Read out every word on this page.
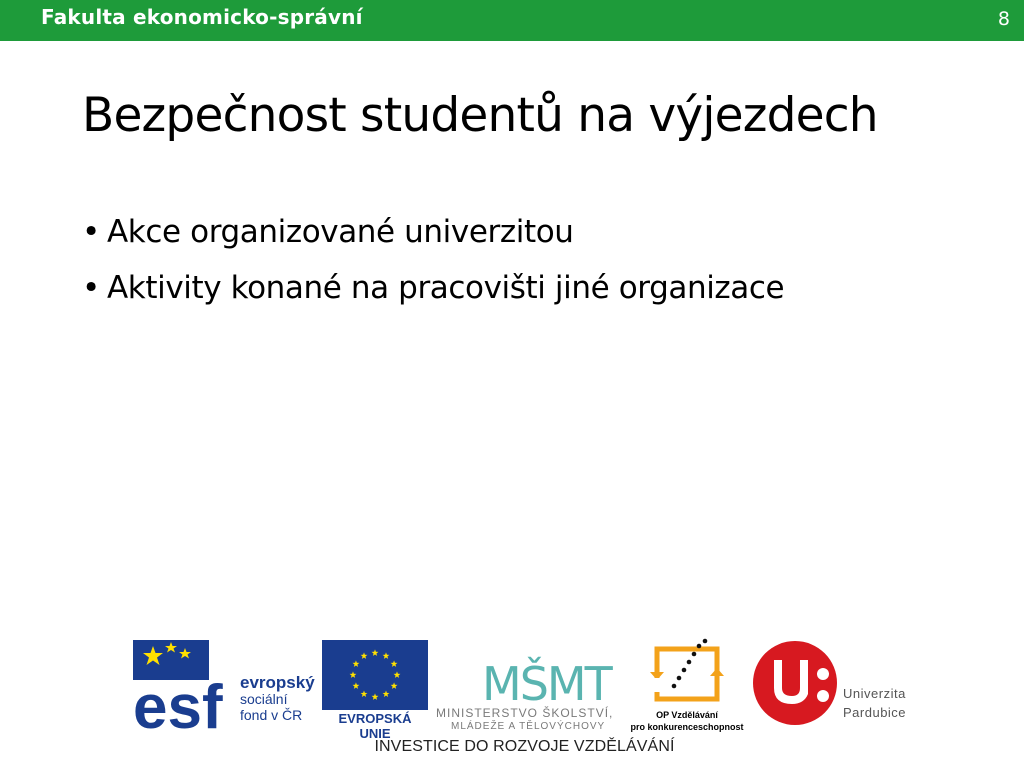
Fakulta ekonomicko-správní	8
Bezpečnost studentů na výjezdech
• Akce organizované univerzitou
• Aktivity konané na pracovišti jiné organizace
esf evropský
sociální
fond v ČR	EVROPSKÁ UNIE
MŠMT
MINISTERSTVO ŠKOLSTVÍ,
MLÁDEŽE A TĚLOVÝCHOVY
OP Vzdělávání
pro konkurenceschopnost
U:
Univerzita
Pardubice
INVESTICE DO ROZVOJE VZDĚLÁVÁNÍ
